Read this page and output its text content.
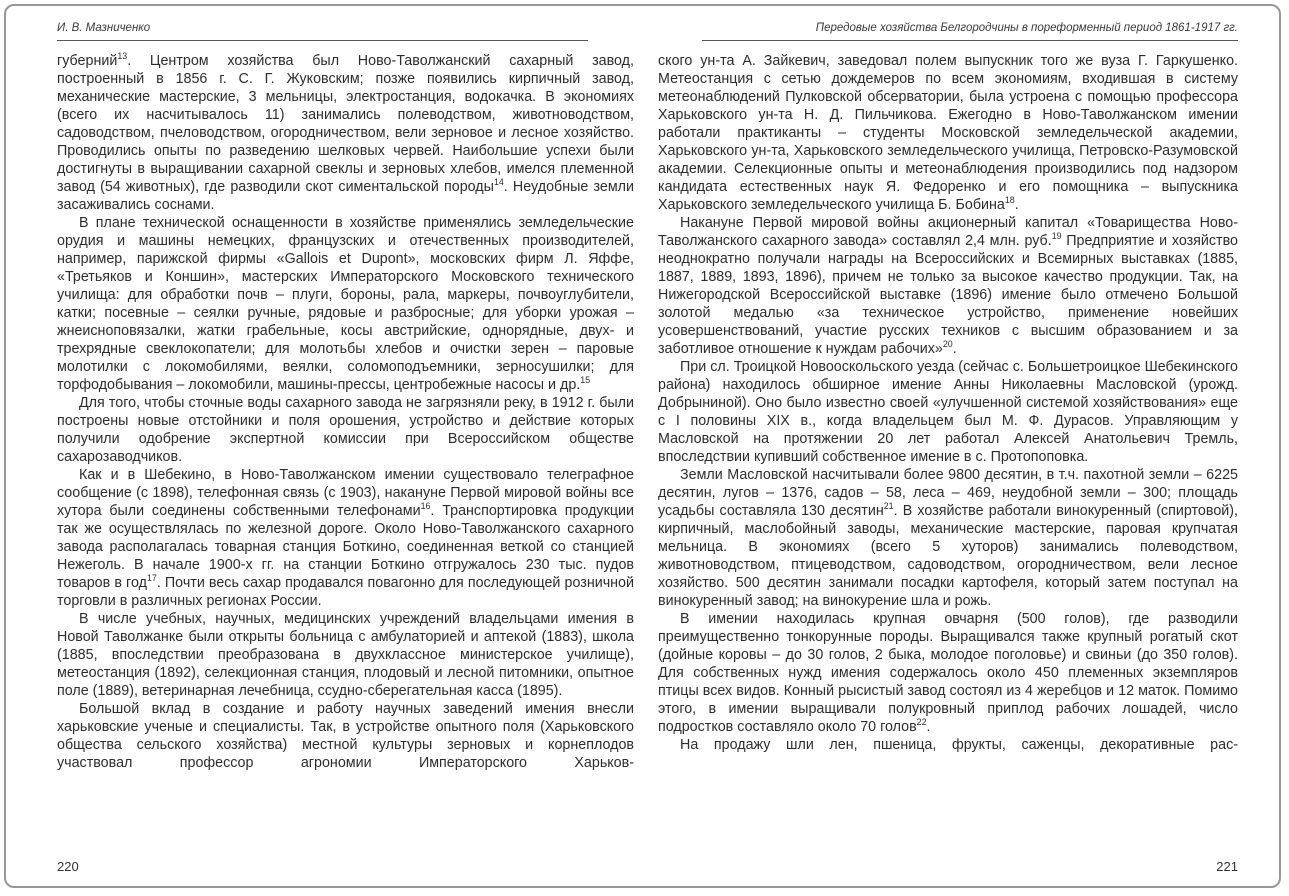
И. В. Мазниченко

губерний$^{13}$. Центром хозяйства был Ново-Таволжанский сахарный завод, построенный в 1856 г. С. Г. Жуковским; позже появились кирпичный завод, механические мастерские, 3 мельницы, электростанция, водокачка. В экономиях (всего их насчитывалось 11) занимались полеводством, животноводством, садоводством, пчеловодством, огородничеством, вели зерновое и лесное хозяйство. Проводились опыты по разведению шелковых червей. Наибольшие успехи были достигнуты в выращивании сахарной свеклы и зерновых хлебов, имелся племенной завод (54 животных), где разводили скот симентальской породы$^{14}$. Неудобные земли засаживались соснами.

В плане технической оснащенности в хозяйстве применялись земледельческие орудия и машины немецких, французских и отечественных производителей, например, парижской фирмы «Gallois et Dupont», московских фирм Л. Яффе, «Третьяков и Коншин», мастерских Императорского Московского технического училища: для обработки почв – плуги, бороны, рала, маркеры, почвоуглубители, катки; посевные – сеялки ручные, рядовые и разбросные; для уборки урожая – жнеисноповязалки, жатки грабельные, косы австрийские, однорядные, двух- и трехрядные свеклокопатели; для молотьбы хлебов и очистки зерен – паровые молотилки с локомобилями, веялки, соломоподъемники, зерносушилки; для торфодобывания – локомобили, машины-прессы, центробежные насосы и др.$^{15}$

Для того, чтобы сточные воды сахарного завода не загрязняли реку, в 1912 г. были построены новые отстойники и поля орошения, устройство и действие которых получили одобрение экспертной комиссии при Всероссийском обществе сахарозаводчиков.

Как и в Шебекино, в Ново-Таволжанском имении существовало телеграфное сообщение (с 1898), телефонная связь (с 1903), накануне Первой мировой войны все хутора были соединены собственными телефонами$^{16}$. Транспортировка продукции так же осуществлялась по железной дороге. Около Ново-Таволжанского сахарного завода располагалась товарная станция Боткино, соединенная веткой со станцией Нежеголь. В начале 1900-х гг. на станции Боткино отгружалось 230 тыс. пудов товаров в год$^{17}$. Почти весь сахар продавался повагонно для последующей розничной торговли в различных регионах России.

В числе учебных, научных, медицинских учреждений владельцами имения в Новой Таволжанке были открыты больница с амбулаторией и аптекой (1883), школа (1885, впоследствии преобразована в двухклассное министерское училище), метеостанция (1892), селекционная станция, плодовый и лесной питомники, опытное поле (1889), ветеринарная лечебница, ссудно-сберегательная касса (1895).

Большой вклад в создание и работу научных заведений имения внесли харьковские ученые и специалисты. Так, в устройстве опытного поля (Харьковского общества сельского хозяйства) местной культуры зерновых и корнеплодов участвовал профессор агрономии Императорского Харьков-

220
Передовые хозяйства Белгородчины в пореформенный период 1861-1917 гг.

ского ун-та А. Зайкевич, заведовал полем выпускник того же вуза Г. Гаркушенко. Метеостанция с сетью дождемеров по всем экономиям, входившая в систему метеонаблюдений Пулковской обсерватории, была устроена с помощью профессора Харьковского ун-та Н. Д. Пильчикова. Ежегодно в Ново-Таволжанском имении работали практиканты – студенты Московской земледельческой академии, Харьковского ун-та, Харьковского земледельческого училища, Петровско-Разумовской академии. Селекционные опыты и метеонаблюдения производились под надзором кандидата естественных наук Я. Федоренко и его помощника – выпускника Харьковского земледельческого училища Б. Бобина$^{18}$.

Накануне Первой мировой войны акционерный капитал «Товарищества Ново-Таволжанского сахарного завода» составлял 2,4 млн. руб.$^{19}$ Предприятие и хозяйство неоднократно получали награды на Всероссийских и Всемирных выставках (1885, 1887, 1889, 1893, 1896), причем не только за высокое качество продукции. Так, на Нижегородской Всероссийской выставке (1896) имение было отмечено Большой золотой медалью «за техническое устройство, применение новейших усовершенствований, участие русских техников с высшим образованием и за заботливое отношение к нуждам рабочих»$^{20}$.

При сл. Троицкой Новооскольского уезда (сейчас с. Большетроицкое Шебекинского района) находилось обширное имение Анны Николаевны Масловской (урожд. Добрыниной). Оно было известно своей «улучшенной системой хозяйствования» еще с I половины XIX в., когда владельцем был М. Ф. Дурасов. Управляющим у Масловской на протяжении 20 лет работал Алексей Анатольевич Тремль, впоследствии купивший собственное имение в с. Протопоповка.

Земли Масловской насчитывали более 9800 десятин, в т.ч. пахотной земли – 6225 десятин, лугов – 1376, садов – 58, леса – 469, неудобной земли – 300; площадь усадьбы составляла 130 десятин$^{21}$. В хозяйстве работали винокуренный (спиртовой), кирпичный, маслобойный заводы, механические мастерские, паровая крупчатая мельница. В экономиях (всего 5 хуторов) занимались полеводством, животноводством, птицеводством, садоводством, огородничеством, вели лесное хозяйство. 500 десятин занимали посадки картофеля, который затем поступал на винокуренный завод; на винокурение шла и рожь.

В имении находилась крупная овчарня (500 голов), где разводили преимущественно тонкорунные породы. Выращивался также крупный рогатый скот (дойные коровы – до 30 голов, 2 быка, молодое поголовье) и свиньи (до 350 голов). Для собственных нужд имения содержалось около 450 племенных экземпляров птицы всех видов. Конный рысистый завод состоял из 4 жеребцов и 12 маток. Помимо этого, в имении выращивали полукровный приплод рабочих лошадей, число подростков составляло около 70 голов$^{22}$.

На продажу шли лен, пшеница, фрукты, саженцы, декоративные рас-

221
